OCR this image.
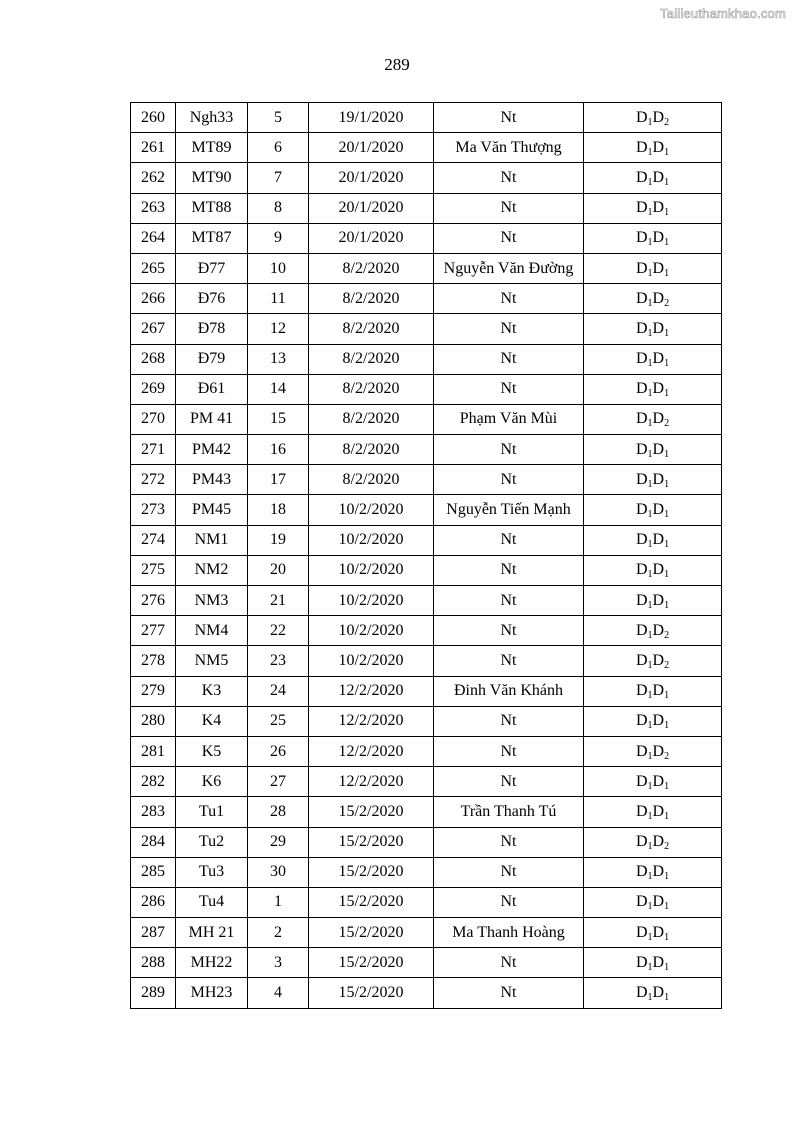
Tailieuthamkhao.com
289
260	Ngh33	5	19/1/2020	Nt	$D_1D_2$
261	MT89	6	20/1/2020	Ma Văn Thượng	$D_1D_1$
262	MT90	7	20/1/2020	Nt	$D_1D_1$
263	MT88	8	20/1/2020	Nt	$D_1D_1$
264	MT87	9	20/1/2020	Nt	$D_1D_1$
265	Đ77	10	8/2/2020	Nguyễn Văn Đường	$D_1D_1$
266	Đ76	11	8/2/2020	Nt	$D_1D_2$
267	Đ78	12	8/2/2020	Nt	$D_1D_1$
268	Đ79	13	8/2/2020	Nt	$D_1D_1$
269	Đ61	14	8/2/2020	Nt	$D_1D_1$
270	PM 41	15	8/2/2020	Phạm Văn Mùi	$D_1D_2$
271	PM42	16	8/2/2020	Nt	$D_1D_1$
272	PM43	17	8/2/2020	Nt	$D_1D_1$
273	PM45	18	10/2/2020	Nguyễn Tiến Mạnh	$D_1D_1$
274	NM1	19	10/2/2020	Nt	$D_1D_1$
275	NM2	20	10/2/2020	Nt	$D_1D_1$
276	NM3	21	10/2/2020	Nt	$D_1D_1$
277	NM4	22	10/2/2020	Nt	$D_1D_2$
278	NM5	23	10/2/2020	Nt	$D_1D_2$
279	K3	24	12/2/2020	Đinh Văn Khánh	$D_1D_1$
280	K4	25	12/2/2020	Nt	$D_1D_1$
281	K5	26	12/2/2020	Nt	$D_1D_2$
282	K6	27	12/2/2020	Nt	$D_1D_1$
283	Tu1	28	15/2/2020	Trần Thanh Tú	$D_1D_1$
284	Tu2	29	15/2/2020	Nt	$D_1D_2$
285	Tu3	30	15/2/2020	Nt	$D_1D_1$
286	Tu4	1	15/2/2020	Nt	$D_1D_1$
287	MH 21	2	15/2/2020	Ma Thanh Hoàng	$D_1D_1$
288	MH22	3	15/2/2020	Nt	$D_1D_1$
289	MH23	4	15/2/2020	Nt	$D_1D_1$
